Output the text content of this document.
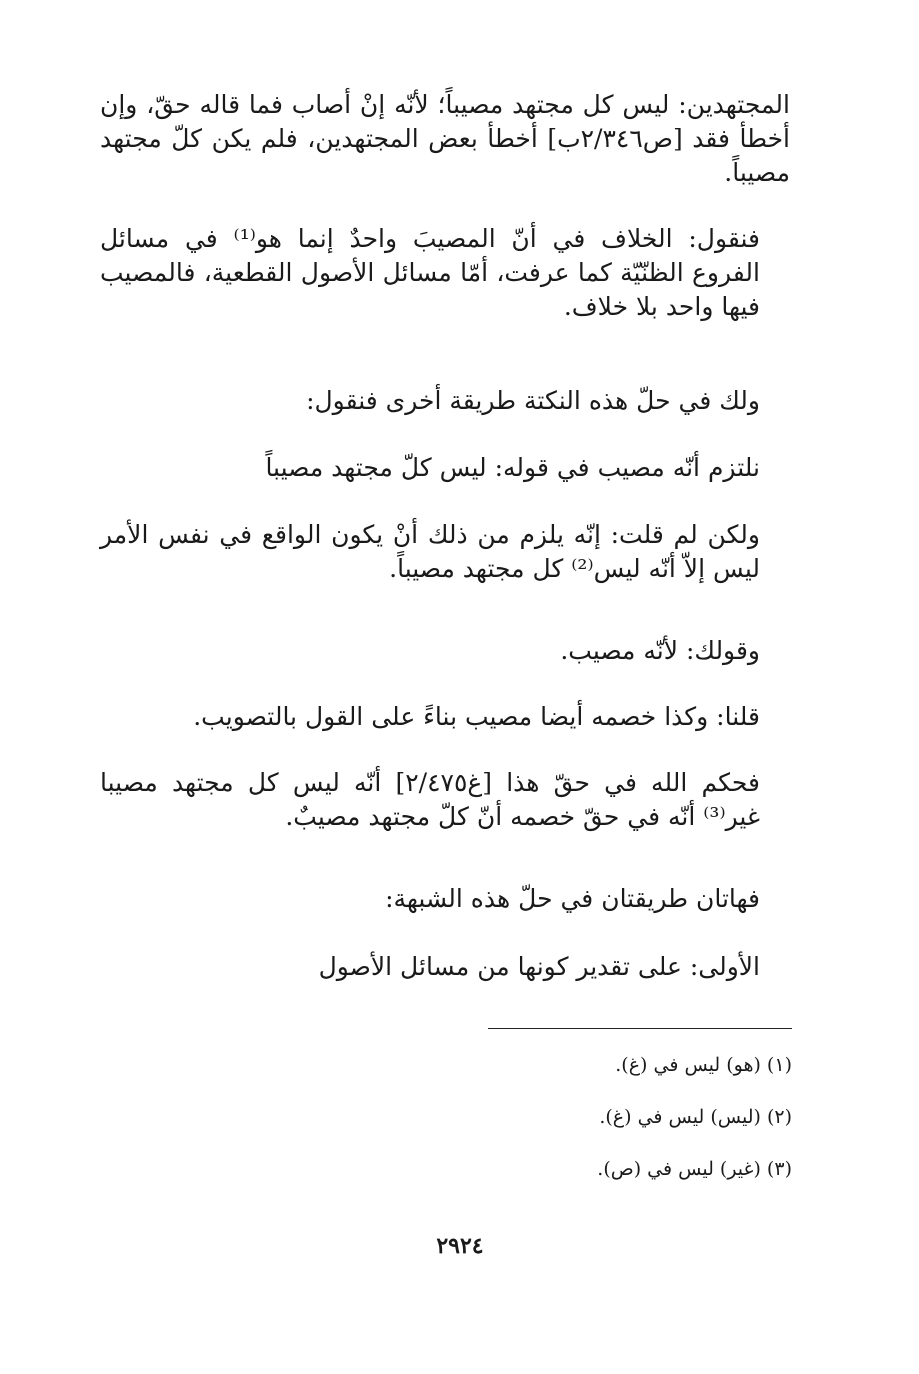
المجتهدين: ليس كل مجتهد مصيباً؛ لأنّه إنْ أصاب فما قاله حقّ، وإن أخطأ فقد [ص٢/٣٤٦ب] أخطأ بعض المجتهدين، فلم يكن كلّ مجتهد مصيباً.

فنقول: الخلاف في أنّ المصيبَ واحدٌ إنما هو⁽¹⁾ في مسائل الفروع الظنّيّة كما عرفت، أمّا مسائل الأصول القطعية، فالمصيب فيها واحد بلا خلاف.

ولك في حلّ هذه النكتة طريقة أخرى فنقول:

نلتزم أنّه مصيب في قوله: ليس كلّ مجتهد مصيباً

ولكن لم قلت: إنّه يلزم من ذلك أنْ يكون الواقع في نفس الأمر ليس إلاّ أنّه ليس⁽²⁾ كل مجتهد مصيباً.

وقولك: لأنّه مصيب.

قلنا: وكذا خصمه أيضا مصيب بناءً على القول بالتصويب.

فحكم الله في حقّ هذا [غ٢/٤٧٥] أنّه ليس كل مجتهد مصيبا غير⁽³⁾ أنّه في حقّ خصمه أنّ كلّ مجتهد مصيبٌ.

فهاتان طريقتان في حلّ هذه الشبهة:

الأولى: على تقدير كونها من مسائل الأصول

(١) (هو) ليس في (غ).

(٢) (ليس) ليس في (غ).

(٣) (غير) ليس في (ص).

٢٩٢٤
